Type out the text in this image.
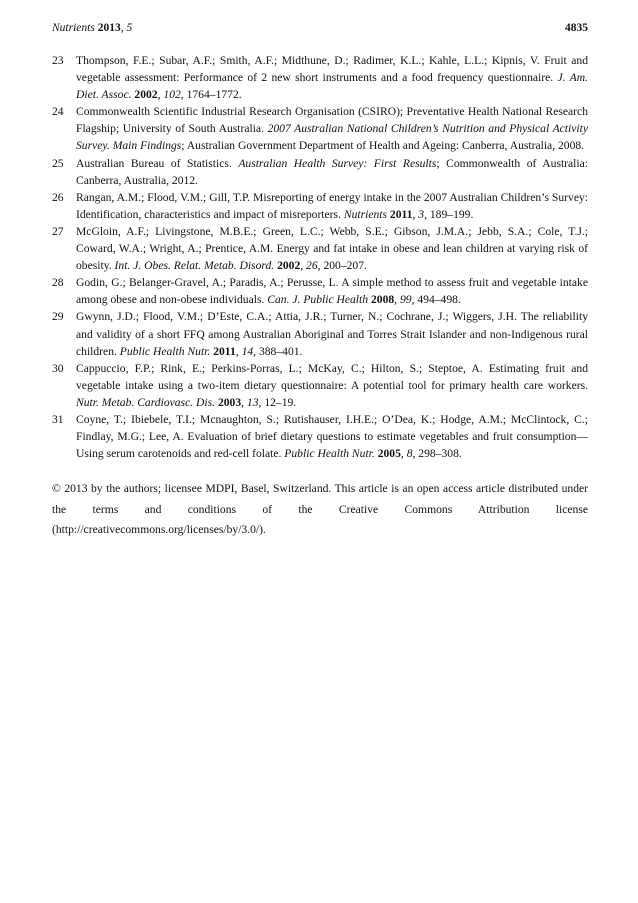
Nutrients 2013, 5	4835
23 Thompson, F.E.; Subar, A.F.; Smith, A.F.; Midthune, D.; Radimer, K.L.; Kahle, L.L.; Kipnis, V. Fruit and vegetable assessment: Performance of 2 new short instruments and a food frequency questionnaire. J. Am. Diet. Assoc. 2002, 102, 1764–1772.
24 Commonwealth Scientific Industrial Research Organisation (CSIRO); Preventative Health National Research Flagship; University of South Australia. 2007 Australian National Children’s Nutrition and Physical Activity Survey. Main Findings; Australian Government Department of Health and Ageing: Canberra, Australia, 2008.
25 Australian Bureau of Statistics. Australian Health Survey: First Results; Commonwealth of Australia: Canberra, Australia, 2012.
26 Rangan, A.M.; Flood, V.M.; Gill, T.P. Misreporting of energy intake in the 2007 Australian Children’s Survey: Identification, characteristics and impact of misreporters. Nutrients 2011, 3, 189–199.
27 McGloin, A.F.; Livingstone, M.B.E.; Green, L.C.; Webb, S.E.; Gibson, J.M.A.; Jebb, S.A.; Cole, T.J.; Coward, W.A.; Wright, A.; Prentice, A.M. Energy and fat intake in obese and lean children at varying risk of obesity. Int. J. Obes. Relat. Metab. Disord. 2002, 26, 200–207.
28 Godin, G.; Belanger-Gravel, A.; Paradis, A.; Perusse, L. A simple method to assess fruit and vegetable intake among obese and non-obese individuals. Can. J. Public Health 2008, 99, 494–498.
29 Gwynn, J.D.; Flood, V.M.; D’Este, C.A.; Attia, J.R.; Turner, N.; Cochrane, J.; Wiggers, J.H. The reliability and validity of a short FFQ among Australian Aboriginal and Torres Strait Islander and non-Indigenous rural children. Public Health Nutr. 2011, 14, 388–401.
30 Cappuccio, F.P.; Rink, E.; Perkins-Porras, L.; McKay, C.; Hilton, S.; Steptoe, A. Estimating fruit and vegetable intake using a two-item dietary questionnaire: A potential tool for primary health care workers. Nutr. Metab. Cardiovasc. Dis. 2003, 13, 12–19.
31 Coyne, T.; Ibiebele, T.I.; Mcnaughton, S.; Rutishauser, I.H.E.; O’Dea, K.; Hodge, A.M.; McClintock, C.; Findlay, M.G.; Lee, A. Evaluation of brief dietary questions to estimate vegetables and fruit consumption—Using serum carotenoids and red-cell folate. Public Health Nutr. 2005, 8, 298–308.

© 2013 by the authors; licensee MDPI, Basel, Switzerland. This article is an open access article distributed under the terms and conditions of the Creative Commons Attribution license (http://creativecommons.org/licenses/by/3.0/).
